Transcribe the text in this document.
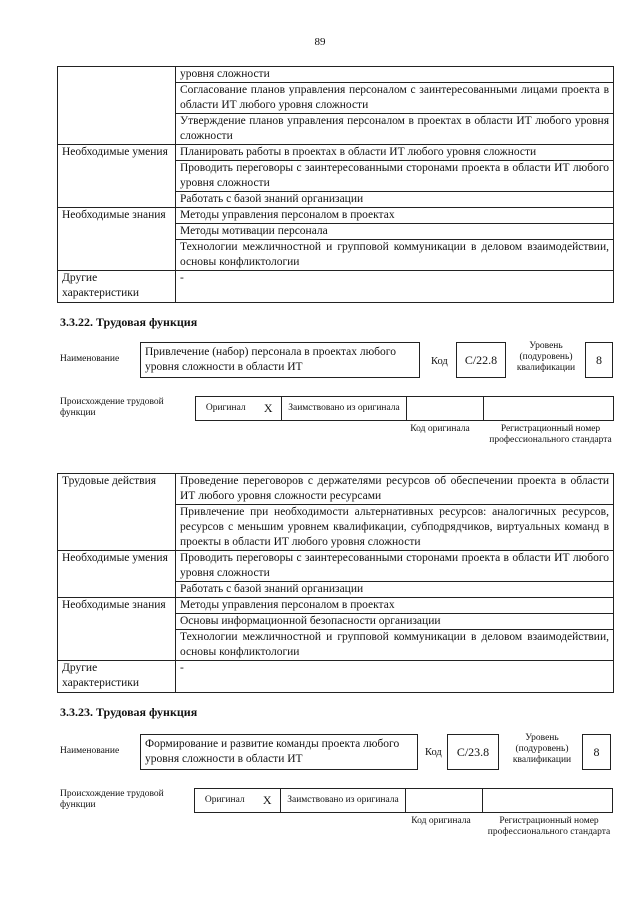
89
	уровня сложности
	Согласование планов управления персоналом с заинтересованными лицами проекта в области ИТ любого уровня сложности
	Утверждение планов управления персоналом в проектах в области ИТ любого уровня сложности
Необходимые умения	Планировать работы в проектах в области ИТ любого уровня сложности
	Проводить переговоры с заинтересованными сторонами проекта в области ИТ любого уровня сложности
	Работать с базой знаний организации
Необходимые знания	Методы управления персоналом в проектах
	Методы мотивации персонала
	Технологии межличностной и групповой коммуникации в деловом взаимодействии, основы конфликтологии
Другие характеристики	-
3.3.22. Трудовая функция
Наименование
Привлечение (набор) персонала в проектах любого уровня сложности в области ИТ	Код	C/22.8
Уровень (подуровень) квалификации
8
Происхождение трудовой функции	Оригинал	X	Заимствовано из оригинала		
Код оригинала	Регистрационный номер профессионального стандарта
Трудовые действия	Проведение переговоров с держателями ресурсов об обеспечении проекта в области ИТ любого уровня сложности ресурсами
	Привлечение при необходимости альтернативных ресурсов: аналогичных ресурсов, ресурсов с меньшим уровнем квалификации, субподрядчиков, виртуальных команд в проекты в области ИТ любого уровня сложности
Необходимые умения	Проводить переговоры с заинтересованными сторонами проекта в области ИТ любого уровня сложности
	Работать с базой знаний организации
Необходимые знания	Методы управления персоналом в проектах
	Основы информационной безопасности организации
	Технологии межличностной и групповой коммуникации в деловом взаимодействии, основы конфликтологии
Другие характеристики	-
3.3.23. Трудовая функция
Наименование
Формирование и развитие команды проекта любого уровня сложности в области ИТ
Код	C/23.8
Уровень (подуровень) квалификации
8
Происхождение трудовой функции	Оригинал	X	Заимствовано из оригинала		
Код оригинала	Регистрационный номер профессионального стандарта
